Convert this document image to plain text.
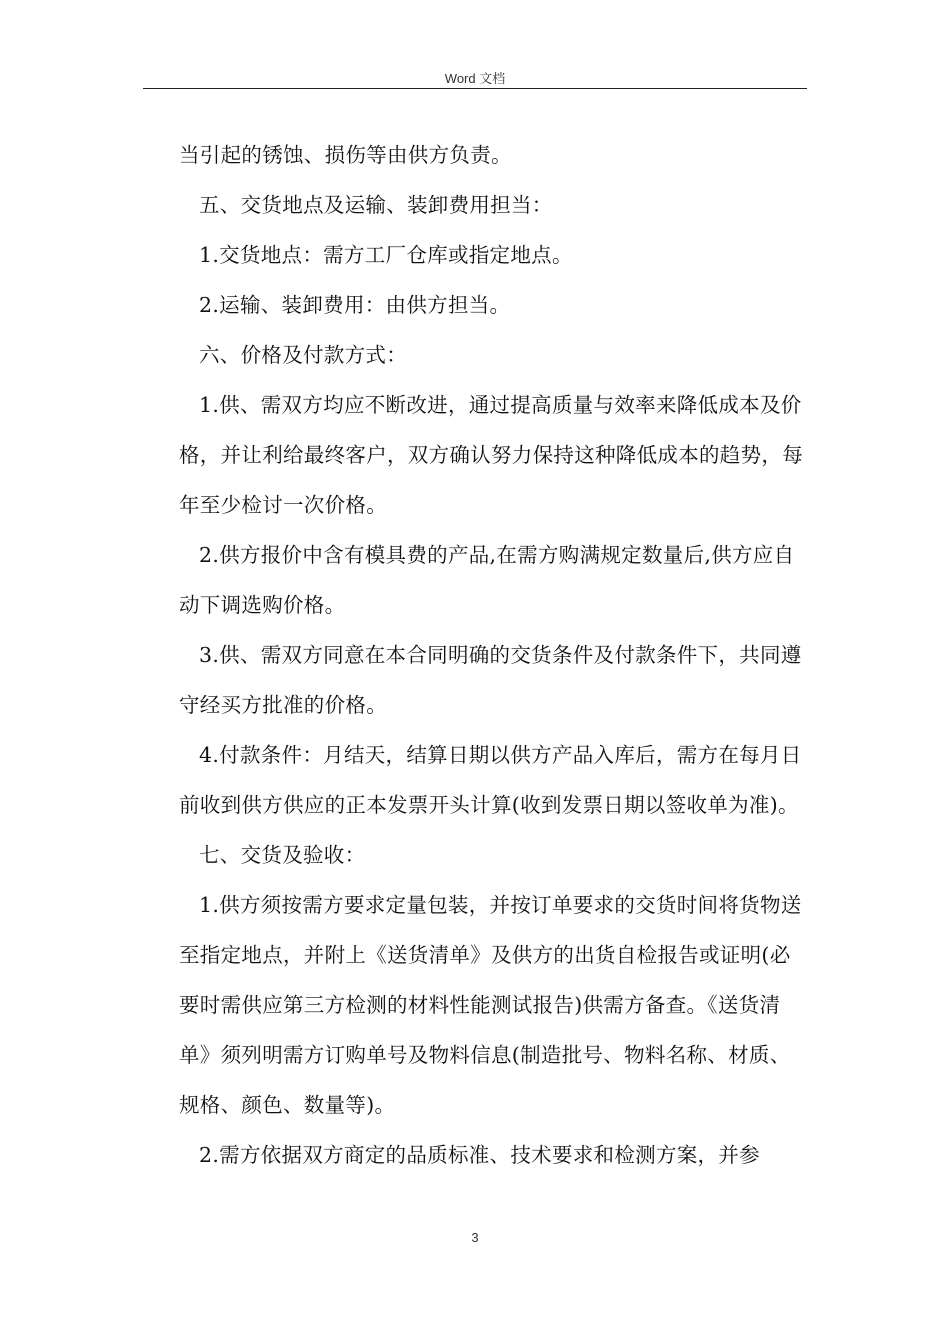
Word 文档

当引起的锈蚀、损伤等由供方负责。

五、交货地点及运输、装卸费用担当：

1.交货地点：需方工厂仓库或指定地点。

2.运输、装卸费用：由供方担当。

六、价格及付款方式：

1.供、需双方均应不断改进，通过提高质量与效率来降低成本及价格，并让利给最终客户，双方确认努力保持这种降低成本的趋势，每年至少检讨一次价格。

2.供方报价中含有模具费的产品,在需方购满规定数量后,供方应自动下调选购价格。

3.供、需双方同意在本合同明确的交货条件及付款条件下，共同遵守经买方批准的价格。

4.付款条件：月结天，结算日期以供方产品入库后，需方在每月日前收到供方供应的正本发票开头计算(收到发票日期以签收单为准)。

七、交货及验收：

1.供方须按需方要求定量包装，并按订单要求的交货时间将货物送至指定地点，并附上《送货清单》及供方的出货自检报告或证明(必要时需供应第三方检测的材料性能测试报告)供需方备查。《送货清单》须列明需方订购单号及物料信息(制造批号、物料名称、材质、规格、颜色、数量等)。

2.需方依据双方商定的品质标准、技术要求和检测方案，并参

3
